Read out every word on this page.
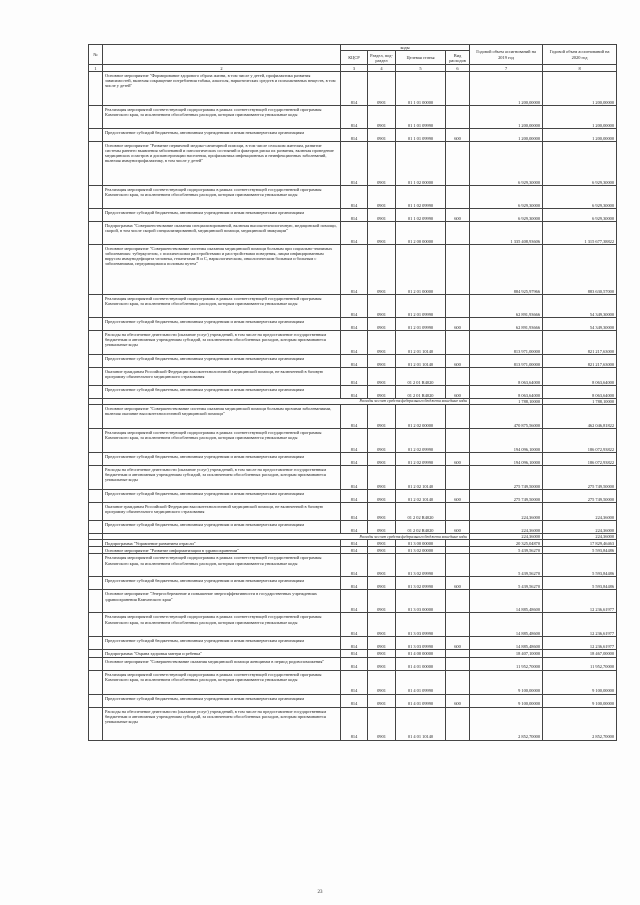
№		коды				Годовой объем ассигнований на 2019 год	Годовой объем ассигнований на 2020 год
		КЦСР	Раздел, под-раздел	Целевая статья	Вид расходов		
1	2	3	4	5	6	7	8
	Основное мероприятие "Формирование здорового образа жизни, в том числе у детей, профилактика развития зависимостей, включая сокращение потребления табака, алкоголя, наркотических средств и психоактивных веществ, в том числе у детей"	814	0901	01 1 01 00000		1 200,00000	1 200,00000
	Реализация мероприятий соответствующей подпрограммы в рамках соответствующей государственной программы Камчатского края, за исключением обособленных расходов, которым присваиваются уникальные коды	814	0901	01 1 01 09990		1 200,00000	1 200,00000
	Предоставление субсидий бюджетным, автономным учреждениям и иным некоммерческим организациям	814	0901	01 1 01 09990	600	1 200,00000	1 200,00000
	Основное мероприятие "Развитие первичной медико-санитарной помощи, в том числе сельским жителям, развитие системы раннего выявления заболеваний и патологических состояний и факторов риска их развития, включая проведение медицинских осмотров и диспансеризации населения, профилактика инфекционных и неинфекционных заболеваний, включая иммунопрофилактику, в том числе у детей"	814	0901	01 1 02 00000		6 929,30000	6 929,30000
	Реализация мероприятий соответствующей подпрограммы в рамках соответствующей государственной программы Камчатского края, за исключением обособленных расходов, которым присваиваются уникальные коды	814	0901	01 1 02 09990		6 929,30000	6 929,30000
	Предоставление субсидий бюджетным, автономным учреждениям и иным некоммерческим организациям	814	0901	01 1 02 09990	600	6 929,30000	6 929,30000
	Подпрограмма "Совершенствование оказания специализированной, включая высокотехнологичную, медицинской помощи, скорой, в том числе скорой специализированной, медицинской помощи, медицинской эвакуации"	814	0901	01 2 00 00000		1 335 408,93606	1 315 677,38822
	Основное мероприятие "Совершенствование системы оказания медицинской помощи больным при социально-значимых заболеваниях: туберкулезом, с психическими расстройствами и расстройствами поведения, лицам инфицированным вирусом иммунодефицита человека, гепатитами B и C, наркологическим, онкологическим больным и больным с заболеваниями, передающимися половым путем"	814	0901	01 2 01 00000		884 925,97966	883 630,57000
	Реализация мероприятий соответствующей подпрограммы в рамках соответствующей государственной программы Камчатского края, за исключением обособленных расходов, которым присваиваются уникальные коды	814	0901	01 2 01 09990		62 891,93666	54 349,30000
	Предоставление субсидий бюджетным, автономным учреждениям и иным некоммерческим организациям	814	0901	01 2 01 09990	600	62 891,93666	54 349,30000
	Расходы на обеспечение деятельности (оказание услуг) учреждений, в том числе на предоставление государственным бюджетным и автономным учреждениям субсидий, за исключением обособленных расходов, которым присваиваются уникальные коды	814	0901	01 2 01 10140		813 971,00000	821 217,63000
	Предоставление субсидий бюджетным, автономным учреждениям и иным некоммерческим организациям	814	0901	01 2 01 10140	600	813 971,00000	821 217,63000
	Оказание гражданам Российской Федерации высокотехнологичной медицинской помощи, не включенной в базовую программу обязательного медицинского страхования	814	0901	01 2 01 R4020		8 063,64000	8 063,64000
	Предоставление субсидий бюджетным, автономным учреждениям и иным некоммерческим организациям	814	0901	01 2 01 R4020	600	8 063,64000	8 063,64000
	Расходы за счет средств федерального бюджета вошедшие коды					1 788,10000	1 788,10000
	Основное мероприятие "Совершенствование системы оказания медицинской помощи больным прочими заболеваниями, включая оказание высокотехнологичной медицинской помощи"	814	0901	01 2 02 00000		470 875,56000	462 046,81822
	Реализация мероприятий соответствующей подпрограммы в рамках соответствующей государственной программы Камчатского края, за исключением обособленных расходов, которым присваиваются уникальные коды	814	0901	01 2 02 09990		194 096,10000	186 072,93822
	Предоставление субсидий бюджетным, автономным учреждениям и иным некоммерческим организациям	814	0901	01 2 02 09990	600	194 096,10000	186 072,93822
	Расходы на обеспечение деятельности (оказание услуг) учреждений, в том числе на предоставление государственным бюджетным и автономным учреждениям субсидий, за исключением обособленных расходов, которым присваиваются уникальные коды	814	0901	01 2 02 10140		275 749,50000	275 749,50000
	Предоставление субсидий бюджетным, автономным учреждениям и иным некоммерческим организациям	814	0901	01 2 02 10140	600	275 749,50000	275 749,50000
	Оказание гражданам Российской Федерации высокотехнологичной медицинской помощи, не включенной в базовую программу обязательного медицинского страхования	814	0901	01 2 02 R4020		224,36000	224,36000
	Предоставление субсидий бюджетным, автономным учреждениям и иным некоммерческим организациям	814	0901	01 2 02 R4020	600	224,36000	224,36000
	Расходы за счет средств федерального бюджета вошедшие коды					224,36000	224,36000
	Подпрограмма "Управление развитием отрасли"	814	0901	01 3 00 00000		20 325,04870	17 829,46463
	Основное мероприятие "Развитие информатизации в здравоохранении"	814	0901	01 3 02 00000		5 439,56270	5 593,84486
	Реализация мероприятий соответствующей подпрограммы в рамках соответствующей государственной программы Камчатского края, за исключением обособленных расходов, которым присваиваются уникальные коды	814	0901	01 3 02 09990		5 439,56270	5 593,84486
	Предоставление субсидий бюджетным, автономным учреждениям и иным некоммерческим организациям	814	0901	01 3 02 09990	600	5 439,56270	5 593,84486
	Основное мероприятие "Энергосбережение и повышение энергоэффективности в государственных учреждениях здравоохранения Камчатского края"	814	0901	01 3 03 00000		14 885,48600	12 236,61977
	Реализация мероприятий соответствующей подпрограммы в рамках соответствующей государственной программы Камчатского края, за исключением обособленных расходов, которым присваиваются уникальные коды	814	0901	01 3 03 09990		14 885,48600	12 236,61977
	Предоставление субсидий бюджетным, автономным учреждениям и иным некоммерческим организациям	814	0901	01 3 03 09990	600	14 885,48600	12 236,61977
	Подпрограмма "Охрана здоровья матери и ребенка"	814	0901	01 4 00 00000		18 407,10000	18 467,00000
	Основное мероприятие "Совершенствование оказания медицинской помощи женщинам в период родовспоможения"	814	0901	01 4 01 00000		11 952,70000	11 952,70000
	Реализация мероприятий соответствующей подпрограммы в рамках соответствующей государственной программы Камчатского края, за исключением обособленных расходов, которым присваиваются уникальные коды	814	0901	01 4 01 09990		9 100,00000	9 100,00000
	Предоставление субсидий бюджетным, автономным учреждениям и иным некоммерческим организациям	814	0901	01 4 01 09990	600	9 100,00000	9 100,00000
	Расходы на обеспечение деятельности (оказание услуг) учреждений, в том числе на предоставление государственным бюджетным и автономным учреждениям субсидий, за исключением обособленных расходов, которым присваиваются уникальные коды	814	0901	01 4 01 10140		2 852,70000	2 852,70000
23
